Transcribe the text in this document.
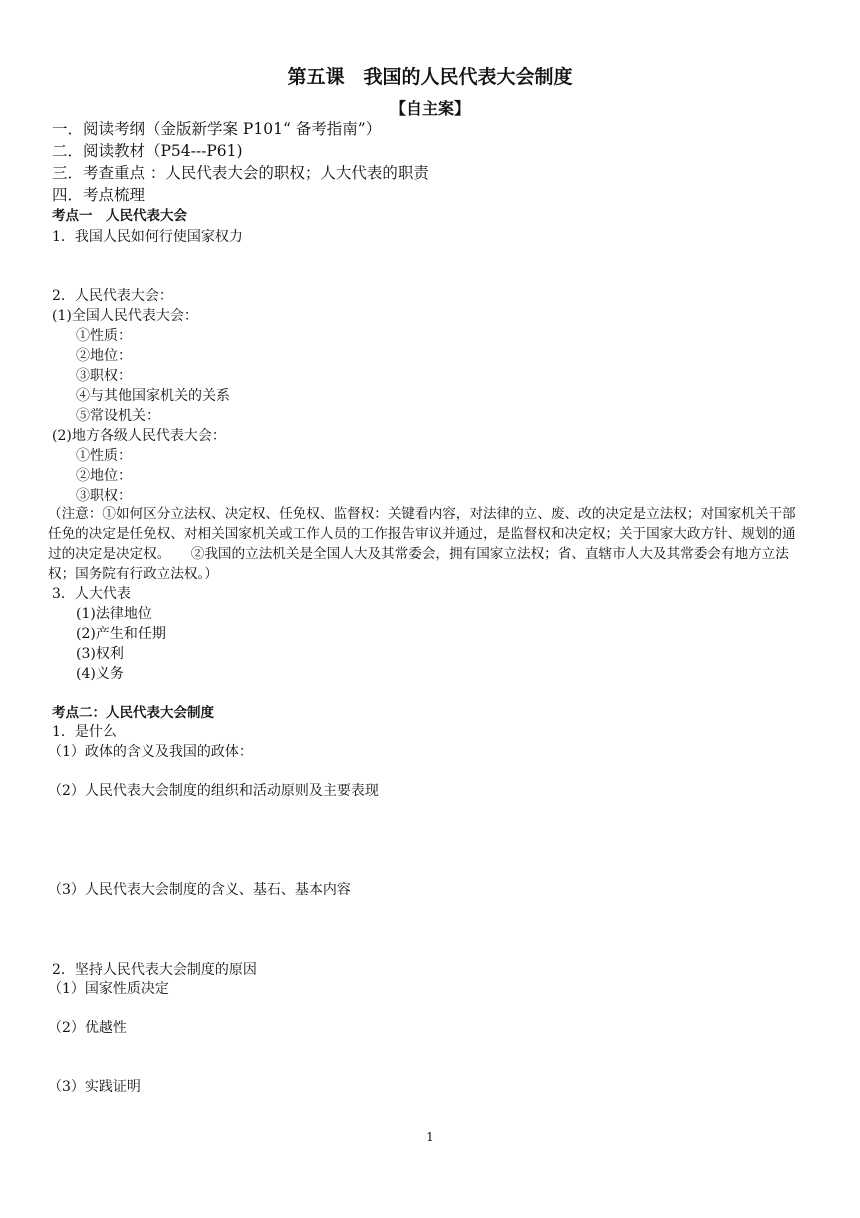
第五课　我国的人民代表大会制度
【自主案】
一．阅读考纲（金版新学案 P101“ 备考指南”）
二．阅读教材（P54---P61)
三．考查重点 ：人民代表大会的职权；人大代表的职责
四．考点梳理
考点一　人民代表大会
1．我国人民如何行使国家权力
2．人民代表大会：
(1)全国人民代表大会：
①性质：
②地位：
③职权：
④与其他国家机关的关系
⑤常设机关：
(2)地方各级人民代表大会：
①性质：
②地位：
③职权：
（注意：①如何区分立法权、决定权、任免权、监督权：关键看内容，对法律的立、废、改的决定是立法权；对国家机关干部任免的决定是任免权、对相关国家机关或工作人员的工作报告审议并通过，是监督权和决定权；关于国家大政方针、规划的通过的决定是决定权。　　②我国的立法机关是全国人大及其常委会，拥有国家立法权；省、直辖市人大及其常委会有地方立法权；国务院有行政立法权。）
3．人大代表
(1)法律地位
(2)产生和任期
(3)权利
(4)义务
考点二：人民代表大会制度
1．是什么
（1）政体的含义及我国的政体：
（2）人民代表大会制度的组织和活动原则及主要表现
（3）人民代表大会制度的含义、基石、基本内容
2．坚持人民代表大会制度的原因
（1）国家性质决定
（2）优越性
（3）实践证明
1
